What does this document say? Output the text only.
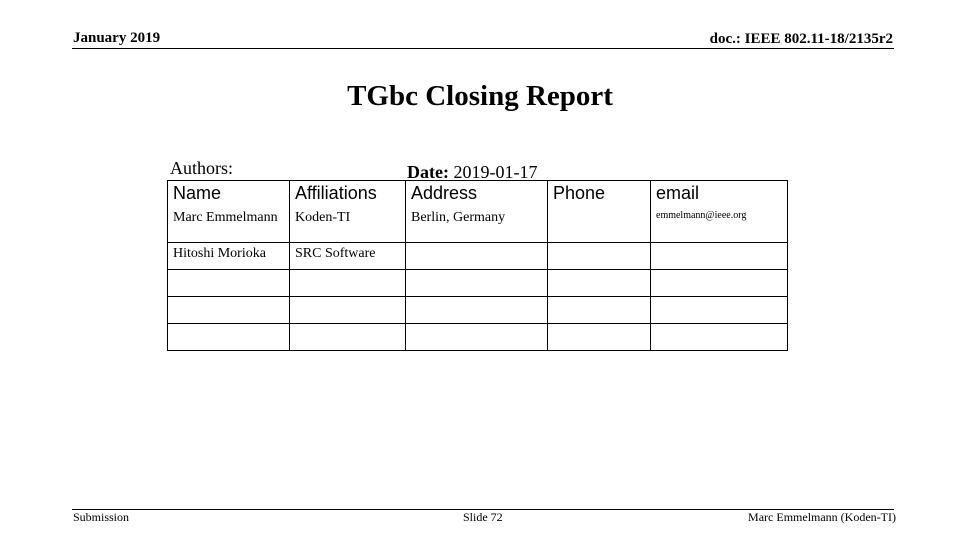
January 2019	doc.: IEEE 802.11-18/2135r2
TGbc Closing Report
Authors:	Date: 2019-01-17
Name	Affiliations	Address	Phone	email
Marc Emmelmann	Koden-TI	Berlin, Germany		emmelmann@ieee.org
Hitoshi Morioka	SRC Software			

Submission	Slide 72	Marc Emmelmann (Koden-TI)
